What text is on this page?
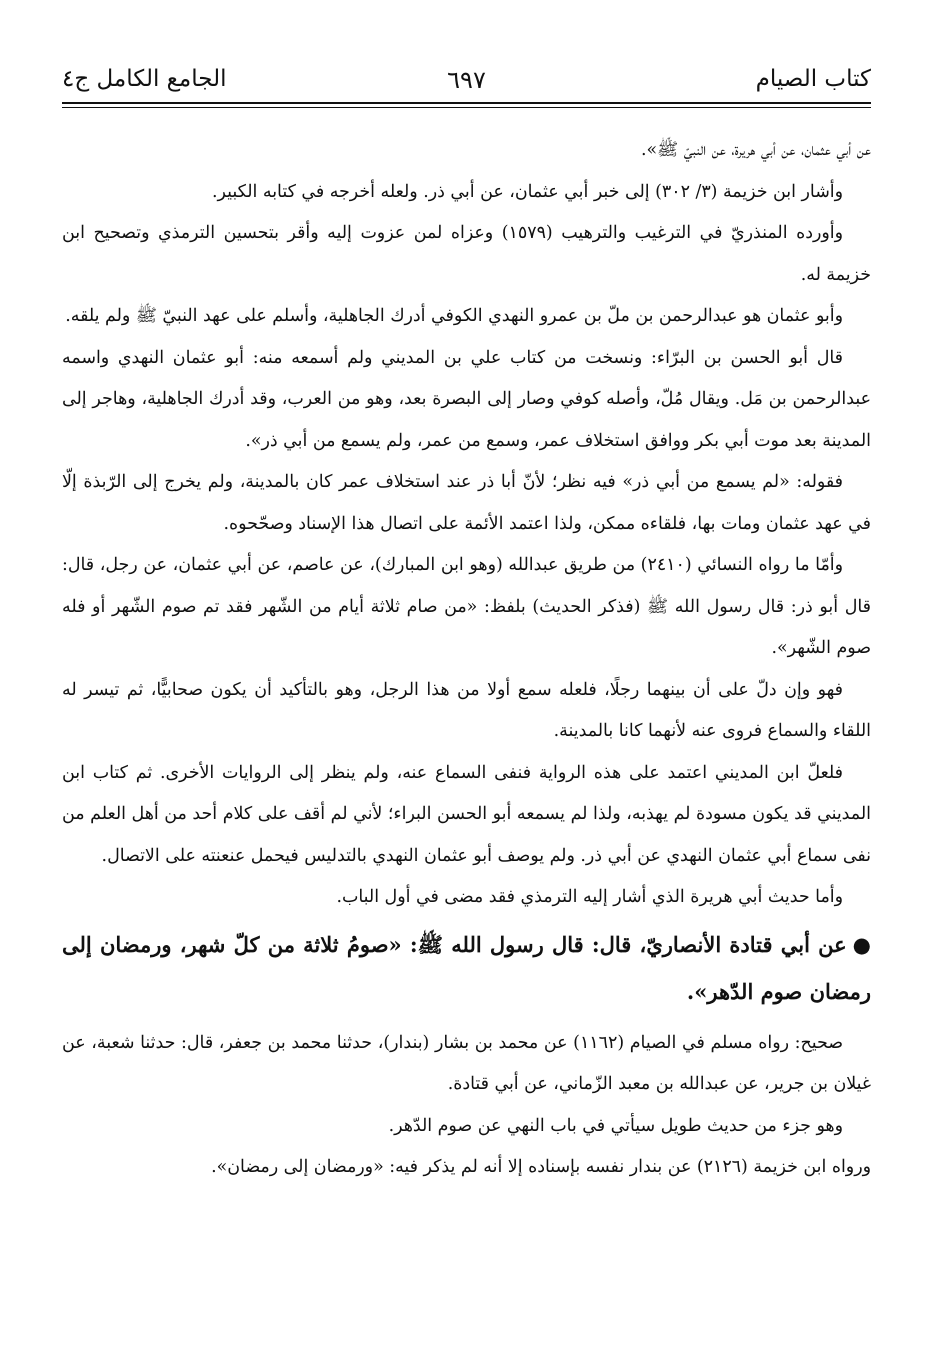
كتاب الصيام
٦٩٧
الجامع الكامل ج٤

عن أبي عثمان، عن أبي هريرة، عن النبيّ ﷺ».

وأشار ابن خزيمة (٣/ ٣٠٢) إلى خبر أبي عثمان، عن أبي ذر. ولعله أخرجه في كتابه الكبير.

وأورده المنذريّ في الترغيب والترهيب (١٥٧٩) وعزاه لمن عزوت إليه وأقر بتحسين الترمذي وتصحيح ابن خزيمة له.

وأبو عثمان هو عبدالرحمن بن ملّ بن عمرو النهدي الكوفي أدرك الجاهلية، وأسلم على عهد النبيّ ﷺ ولم يلقه.

قال أبو الحسن بن البرّاء: ونسخت من كتاب علي بن المديني ولم أسمعه منه: أبو عثمان النهدي واسمه عبدالرحمن بن مَل. ويقال مُلّ، وأصله كوفي وصار إلى البصرة بعد، وهو من العرب، وقد أدرك الجاهلية، وهاجر إلى المدينة بعد موت أبي بكر ووافق استخلاف عمر، وسمع من عمر، ولم يسمع من أبي ذر».

فقوله: «لم يسمع من أبي ذر» فيه نظر؛ لأنّ أبا ذر عند استخلاف عمر كان بالمدينة، ولم يخرج إلى الرّبذة إلّا في عهد عثمان ومات بها، فلقاءه ممكن، ولذا اعتمد الأئمة على اتصال هذا الإسناد وصحّحوه.

وأمّا ما رواه النسائي (٢٤١٠) من طريق عبدالله (وهو ابن المبارك)، عن عاصم، عن أبي عثمان، عن رجل، قال: قال أبو ذر: قال رسول الله ﷺ (فذكر الحديث) بلفظ: «من صام ثلاثة أيام من الشّهر فقد تم صوم الشّهر أو فله صوم الشّهر».

فهو وإن دلّ على أن بينهما رجلًا، فلعله سمع أولا من هذا الرجل، وهو بالتأكيد أن يكون صحابيًّا، ثم تيسر له اللقاء والسماع فروى عنه لأنهما كانا بالمدينة.

فلعلّ ابن المديني اعتمد على هذه الرواية فنفى السماع عنه، ولم ينظر إلى الروايات الأخرى. ثم كتاب ابن المديني قد يكون مسودة لم يهذبه، ولذا لم يسمعه أبو الحسن البراء؛ لأني لم أقف على كلام أحد من أهل العلم من نفى سماع أبي عثمان النهدي عن أبي ذر. ولم يوصف أبو عثمان النهدي بالتدليس فيحمل عنعنته على الاتصال.

وأما حديث أبي هريرة الذي أشار إليه الترمذي فقد مضى في أول الباب.

●عن أبي قتادة الأنصاريّ، قال: قال رسول الله ﷺ: «صومُ ثلاثة من كلّ شهر، ورمضان إلى رمضان صوم الدّهر».

صحيح: رواه مسلم في الصيام (١١٦٢) عن محمد بن بشار (بندار)، حدثنا محمد بن جعفر، قال: حدثنا شعبة، عن غيلان بن جرير، عن عبدالله بن معبد الزّماني، عن أبي قتادة.

وهو جزء من حديث طويل سيأتي في باب النهي عن صوم الدّهر.

ورواه ابن خزيمة (٢١٢٦) عن بندار نفسه بإسناده إلا أنه لم يذكر فيه: «ورمضان إلى رمضان».
